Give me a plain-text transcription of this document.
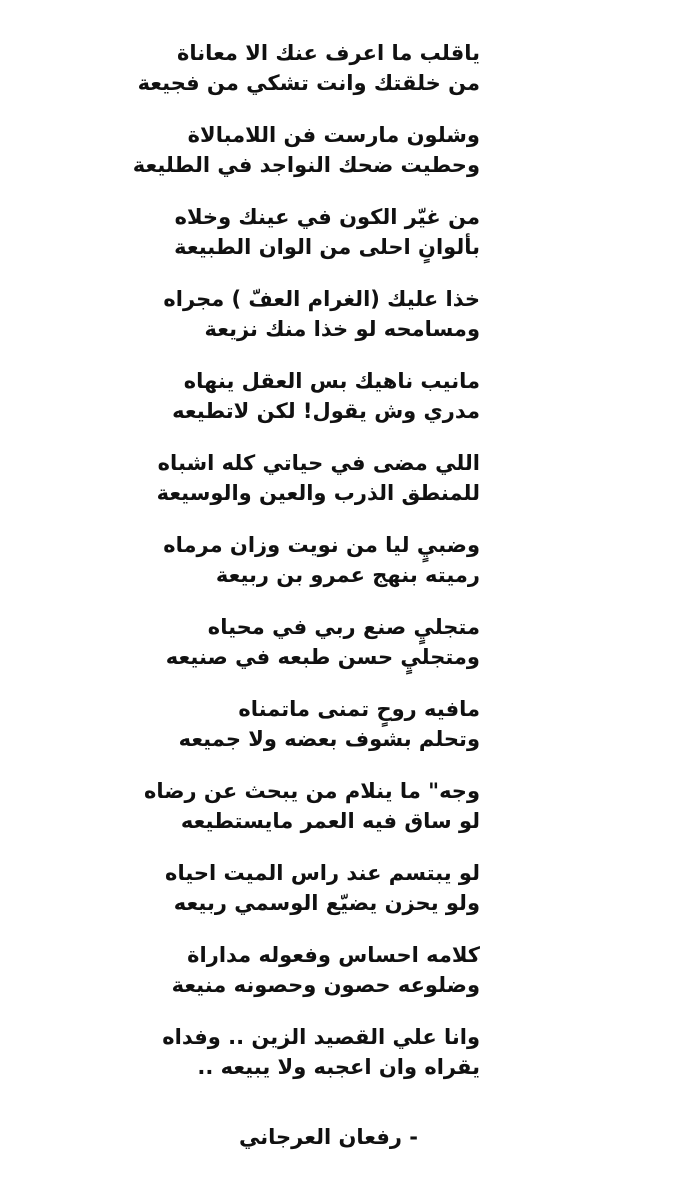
ياقلب ما اعرف عنك الا معاناة
من خلقتك وانت تشكي من فجيعة
وشلون مارست فن اللامبالاة
وحطيت ضحك النواجد في الطليعة
من غيّر الكون في عينك وخلاه
بألوانٍ احلى من الوان الطبيعة
خذا عليك (الغرام العفّ ) مجراه
ومسامحه لو خذا منك نزيعة
مانيب ناهيك بس العقل ينهاه
مدري وش يقول! لكن لاتطيعه
اللي مضى في حياتي كله اشباه
للمنطق الذرب والعين والوسيعة
وضبيٍ ليا من نويت وزان مرماه
رميته بنهج عمرو بن ربيعة
متجليٍ صنع ربي في محياه
ومتجليٍ حسن طبعه في صنيعه
مافيه روحٍ تمنى ماتمناه
وتحلم بشوف بعضه ولا جميعه
وجه" ما ينلام من يبحث عن رضاه
لو ساق فيه العمر مايستطيعه
لو يبتسم عند راس الميت احياه
ولو يحزن يضيّع الوسمي ربيعه
كلامه احساس وفعوله مداراة
وضلوعه حصون وحصونه منيعة
وانا علي القصيد الزين .. وفداه
يقراه وان اعجبه ولا يبيعه ..
- رفعان العرجاني
